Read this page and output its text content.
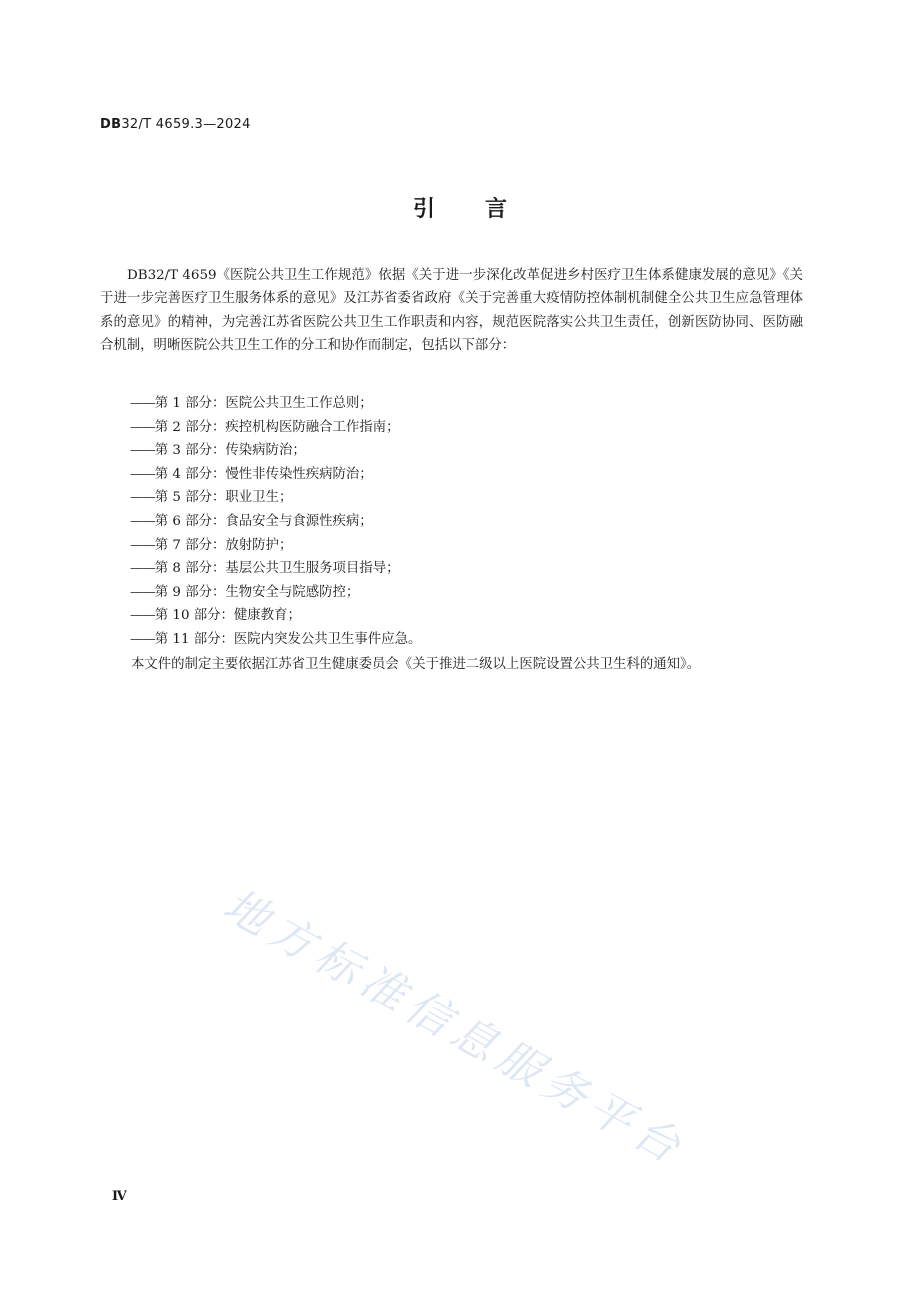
DB32/T 4659.3—2024
引言

DB32/T 4659《医院公共卫生工作规范》依据《关于进一步深化改革促进乡村医疗卫生体系健康发展的意见》《关于进一步完善医疗卫生服务体系的意见》及江苏省委省政府《关于完善重大疫情防控体制机制健全公共卫生应急管理体系的意见》的精神，为完善江苏省医院公共卫生工作职责和内容，规范医院落实公共卫生责任，创新医防协同、医防融合机制，明晰医院公共卫生工作的分工和协作而制定，包括以下部分：

——第 1 部分：医院公共卫生工作总则；
——第 2 部分：疾控机构医防融合工作指南；
——第 3 部分：传染病防治；
——第 4 部分：慢性非传染性疾病防治；
——第 5 部分：职业卫生；
——第 6 部分：食品安全与食源性疾病；
——第 7 部分：放射防护；
——第 8 部分：基层公共卫生服务项目指导；
——第 9 部分：生物安全与院感防控；
——第 10 部分：健康教育；
——第 11 部分：医院内突发公共卫生事件应急。

本文件的制定主要依据江苏省卫生健康委员会《关于推进二级以上医院设置公共卫生科的通知》。

地方标准信息服务平台
Ⅳ
